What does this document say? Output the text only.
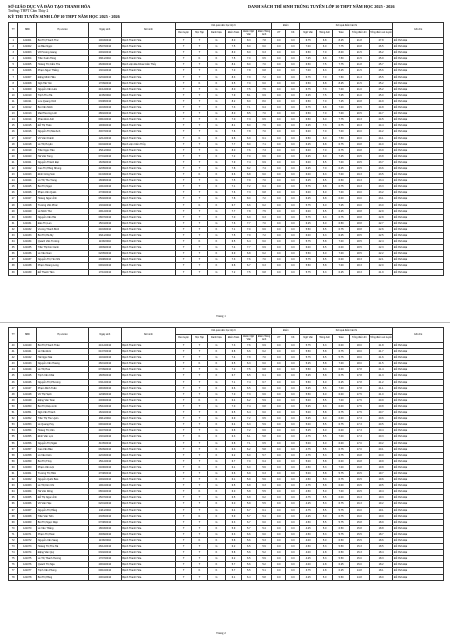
SỞ GIÁO DỤC VÀ ĐÀO TẠO THANH HÓA
Trường: THPT Cẩm Thủy 2
KỲ THI TUYỂN SINH LỚP 10 THPT NĂM HỌC 2025 - 2026
DANH SÁCH THÍ SINH TRÚNG TUYỂN LỚP 10 THPT NĂM HỌC 2025 - 2026
TT	SBD	Họ và tên	Ngày sinh	Nơi sinh	Kết quả năm học lớp 9						Điểm		Kết quả điểm bài thi					Ghi chú
					Rèn luyện	Học Tập	Danh hiệu	Điểm Toán	Điểm Ngữ Văn	Điểm Tiếng Anh	ƯT	KK	Ngữ Văn	Tiếng Anh	Toán	Tổng điểm thi	Tổng điểm xét tuyển	
1	121001	Bùi Thị Thanh Thư	10/03/2010	Bệnh Thanh Hóa	T	T	G	8.0	8.3	7.8	0.0	0.0	6.75	6.8	8.25	21.8	27.8	Đỗ NV1-Đại
2	121002	Lê Bảo Ngọc	05/07/2010	Bệnh Thanh Hóa	T	T	G	7.5	8.0	6.0	0.0	0.0	7.00	6.0	7.75	20.8	26.5	Đỗ NV1-Đại
3	121003	Võ Hương Giang	20/02/2010	Bệnh Thanh Hóa	T	T	G	8.0	8.0	6.3	0.0	0.0	6.50	7.0	8.00	21.5	26.2	Đỗ NV1-Đại
4	121004	Trần Xuân Hùng	08/11/2010	Bệnh Thanh Hóa	T	K	K	7.5	7.0	6.5	0.0	0.0	7.25	6.8	7.50	21.5	25.9	Đỗ NV1-Đại
5	121005	Hoàng Thị Cẩm Thu	26/06/2010	Bệnh viện Đa Khoa Cẩm Thủy	T	T	G	8.4	8.0	7.0	0.0	0.0	6.50	7.5	7.75	21.8	25.7	Đỗ NV1-Đại
6	121006	Phạm Ngọc Thắng	13/01/2010	Bệnh Thanh Hóa	T	T	K	7.0	7.8	6.8	0.0	0.0	7.00	6.3	8.25	21.5	25.6	Đỗ NV1-Đại
7	121007	Đặng Minh Hiếu	02/04/2010	Bệnh Thanh Hóa	T	T	G	8.3	7.9	7.2	0.0	0.0	6.75	7.0	7.50	21.3	25.5	Đỗ NV1-Đại
8	121008	Ngô Hải Yến	17/09/2010	Bệnh Thanh Hóa	T	K	K	6.5	7.0	6.0	0.0	0.0	6.50	6.8	8.25	21.5	25.2	Đỗ NV1-Đại
9	121009	Nguyễn Văn Lâm	21/12/2010	Bệnh Thanh Hóa	T	T	G	8.0	7.5	7.5	0.0	0.0	6.75	7.3	7.00	21.0	25.2	Đỗ NV1-Đại
10	121010	Trịnh Thu Hà	11/05/2010	Bệnh Thanh Hóa	T	T	G	7.9	8.1	6.9	0.0	0.0	6.25	7.5	7.25	21.0	25.0	Đỗ NV1-Đại
11	121011	Lưu Quang Vinh	03/08/2010	Bệnh Thanh Hóa	T	T	G	8.2	8.0	8.0	0.0	0.0	6.50	7.0	7.25	20.8	24.9	Đỗ NV1-Đại
12	121012	Bùi Văn Minh	14/03/2010	Bệnh Thanh Hóa	T	T	K	7.3	7.1	6.4	0.0	0.0	6.75	6.8	7.00	20.5	24.8	Đỗ NV1-Đại
13	121013	Mai Phương Linh	28/02/2010	Bệnh Thanh Hóa	T	T	G	8.0	8.5	7.0	0.0	0.0	6.50	7.0	7.00	20.5	24.7	Đỗ NV1-Đại
14	121014	Phan Đức Anh	09/10/2010	Bệnh Thanh Hóa	T	T	K	7.0	7.3	6.5	0.0	0.0	6.50	6.0	7.75	20.3	24.5	Đỗ NV1-Đại
15	121015	Đỗ Thị Thảo	19/06/2010	Bệnh Thanh Hóa	T	T	G	8.1	8.0	7.6	0.0	0.0	6.25	7.3	6.75	20.3	24.4	Đỗ NV1-Đại
16	121016	Nguyễn Thị Mai Anh	30/07/2010	Bệnh Thanh Hóa	T	T	G	7.6	7.8	7.0	0.0	0.0	6.00	7.0	7.00	20.0	24.2	Đỗ NV1-Đại
17	121017	Vũ Văn Khánh	12/12/2010	Bệnh Thanh Hóa	T	K	K	6.8	6.9	6.1	0.0	0.0	6.50	6.0	7.50	20.0	24.1	Đỗ NV1-Đại
18	121018	Lê Thị Huyền	04/04/2010	Bệnh viện Cẩm Thủy	T	T	G	7.7	8.0	7.1	0.0	0.0	6.25	6.8	6.75	19.8	24.0	Đỗ NV1-Đại
19	121019	Trần Ngọc Hân	25/11/2010	Bệnh Thanh Hóa	T	T	G	8.0	7.6	7.3	0.0	0.0	6.00	7.0	6.75	19.8	23.9	Đỗ NV1-Đại
20	121020	Hà Văn Tùng	07/01/2010	Bệnh Thanh Hóa	T	T	K	7.2	7.0	6.6	0.0	0.0	6.25	6.0	7.25	19.5	23.8	Đỗ NV1-Đại
21	121021	Nguyễn Thành Đạt	16/09/2010	Bệnh Thanh Hóa	T	T	G	7.9	7.4	6.9	0.0	0.0	6.00	6.5	7.00	19.5	23.7	Đỗ NV1-Đại
22	121022	Cao Thị Hồng Nhung	22/05/2010	Bệnh Thanh Hóa	T	T	G	7.8	8.2	7.4	0.0	0.0	6.25	7.0	6.25	19.5	23.6	Đỗ NV1-Đại
23	121023	Đinh Công Sơn	01/03/2010	Bệnh Thanh Hóa	T	K	K	6.6	6.8	6.0	0.0	0.0	6.00	6.3	7.00	19.3	23.5	Đỗ NV1-Đại
24	121024	Lò Thị Thu Trang	18/08/2010	Bệnh Thanh Hóa	T	T	G	7.5	7.9	7.0	0.0	0.0	6.25	6.5	6.50	19.3	23.4	Đỗ NV1-Đại
25	121025	Bùi Thị Ngọc	10/10/2010	Bệnh Thanh Hóa	T	T	K	7.1	7.2	6.4	0.0	0.0	5.75	6.8	6.75	19.3	23.3	Đỗ NV1-Đại
26	121026	Phạm Văn Quân	27/06/2010	Bệnh Thanh Hóa	T	T	G	7.6	7.3	6.8	0.0	0.0	6.00	6.0	7.00	19.0	23.2	Đỗ NV1-Đại
27	121027	Hoàng Ngọc Ánh	05/02/2010	Bệnh Thanh Hóa	T	T	G	7.8	8.0	7.2	0.0	0.0	6.25	6.8	6.00	19.0	23.1	Đỗ NV1-Đại
28	121028	Trương Văn Phúc	13/04/2010	Bệnh Thanh Hóa	T	K	K	6.7	6.6	6.2	0.0	0.0	5.75	6.0	7.25	19.0	23.0	Đỗ NV1-Đại
29	121029	Lê Minh Thư	29/12/2010	Bệnh Thanh Hóa	T	T	G	7.7	7.8	7.5	0.0	0.0	6.00	6.5	6.25	18.8	22.9	Đỗ NV1-Đại
30	121030	Nguyễn Văn Hải	08/07/2010	Bệnh Thanh Hóa	T	T	K	7.0	6.9	6.3	0.0	0.0	5.75	6.3	6.75	18.8	22.8	Đỗ NV1-Đại
31	121031	Đào Thị Lan	15/01/2010	Bệnh Thanh Hóa	T	T	G	7.6	7.7	7.0	0.0	0.0	6.25	6.0	6.50	18.8	22.7	Đỗ NV1-Đại
32	121032	Vương Thanh Bình	24/03/2010	Bệnh Thanh Hóa	T	T	K	7.1	7.0	6.6	0.0	0.0	5.50	6.5	6.75	18.8	22.6	Đỗ NV1-Đại
33	121033	Bùi Thị Hà My	06/11/2010	Bệnh Thanh Hóa	T	T	G	7.5	7.9	7.2	0.0	0.0	6.00	6.3	6.25	18.5	22.5	Đỗ NV1-Đại
34	121034	Quách Văn Trường	11/06/2010	Bệnh Thanh Hóa	T	K	K	6.5	6.4	6.0	0.0	0.0	5.75	5.8	7.00	18.5	22.4	Đỗ NV1-Đại
35	121035	Trần Thị Kim Oanh	19/09/2010	Bệnh Thanh Hóa	T	T	G	7.4	7.7	6.9	0.0	0.0	6.00	6.5	6.00	18.5	22.3	Đỗ NV1-Đại
36	121036	Lê Văn Nam	02/05/2010	Bệnh Thanh Hóa	T	T	K	6.9	6.8	6.2	0.0	0.0	5.50	6.0	7.00	18.5	22.2	Đỗ NV1-Đại
37	121037	Nguyễn Thị Yến Nhi	23/08/2010	Bệnh Thanh Hóa	T	T	G	7.3	7.6	7.0	0.0	0.0	5.75	6.5	6.00	18.3	22.1	Đỗ NV1-Đại
38	121038	Phạm Hoàng Long	09/02/2010	Bệnh Thanh Hóa	T	T	K	6.8	6.7	6.3	0.0	0.0	5.50	5.8	7.00	18.3	22.0	Đỗ NV1-Đại
39	121039	Đỗ Thanh Tâm	17/10/2010	Bệnh Thanh Hóa	T	T	G	7.2	7.5	6.8	0.0	0.0	5.75	6.3	6.25	18.3	21.9	Đỗ NV1-Đại
Trang 1
TT	SBD	Họ và tên	Ngày sinh	Nơi sinh	Kết quả năm học lớp 9						Điểm		Kết quả điểm bài thi					Ghi chú
					Rèn luyện	Học Tập	Danh hiệu	Điểm Toán	Điểm Ngữ Văn	Điểm Tiếng Anh	ƯT	KK	Ngữ Văn	Tiếng Anh	Toán	Tổng điểm thi	Tổng điểm xét tuyển	
40	121040	Bùi Thị Thanh Thảo	21/12/2010	Bệnh Thanh Hóa	T	T	G	7.3	7.6	6.9	0.0	0.0	5.75	6.3	6.00	18.0	21.8	Đỗ NV1-Đại
41	121041	Lê Văn Đức	01/07/2010	Bệnh Thanh Hóa	T	T	K	6.8	6.6	6.2	0.0	0.0	5.50	5.8	6.75	18.0	21.7	Đỗ NV1-Đại
42	121042	Hà Ngọc Mai	14/04/2010	Bệnh Thanh Hóa	T	T	G	7.4	7.8	7.0	0.0	0.0	5.75	6.5	5.75	18.0	21.6	Đỗ NV1-Đại
43	121043	Nguyễn Văn Hoàng	26/01/2010	Bệnh Thanh Hóa	T	K	K	6.5	6.3	6.0	0.0	0.0	5.25	5.8	7.00	18.0	21.5	Đỗ NV1-Đại
44	121044	Lê Thị Hoa	07/09/2010	Bệnh Thanh Hóa	T	T	G	7.2	7.5	6.8	0.0	0.0	5.50	6.3	6.00	17.8	21.4	Đỗ NV1-Đại
45	121045	Trịnh Văn Khải	18/05/2010	Bệnh Thanh Hóa	T	T	K	6.7	6.5	6.1	0.0	0.0	5.25	5.8	6.75	17.8	21.3	Đỗ NV1-Đại
46	121046	Nguyễn Thị Phương	03/12/2010	Bệnh Thanh Hóa	T	T	G	7.1	7.4	6.7	0.0	0.0	5.50	6.0	6.25	17.8	21.2	Đỗ NV1-Đại
47	121047	Phạm Minh Tuấn	29/03/2010	Bệnh Thanh Hóa	T	T	K	6.6	6.5	6.0	0.0	0.0	5.25	5.5	7.00	17.8	21.1	Đỗ NV1-Đại
48	121048	Vũ Thị Hạnh	12/08/2010	Bệnh Thanh Hóa	T	T	G	7.0	7.3	6.6	0.0	0.0	5.50	6.0	6.00	17.5	21.0	Đỗ NV1-Đại
49	121049	Đặng Văn Toàn	20/06/2010	Bệnh Thanh Hóa	T	K	K	6.4	6.2	5.9	0.0	0.0	5.00	5.5	7.00	17.5	20.9	Đỗ NV1-Đại
50	121050	Bùi Thị Diệu Linh	05/10/2010	Bệnh Thanh Hóa	T	T	G	7.0	7.4	6.8	0.0	0.0	5.25	6.3	6.00	17.5	20.8	Đỗ NV1-Đại
51	121051	Ngô Văn Thành	16/02/2010	Bệnh Thanh Hóa	T	T	K	6.5	6.4	6.0	0.0	0.0	5.00	5.8	6.75	17.5	20.7	Đỗ NV1-Đại
52	121052	Trần Thị Thu Uyên	28/11/2010	Bệnh Thanh Hóa	T	T	G	6.9	7.2	6.5	0.0	0.0	5.25	6.0	6.00	17.3	20.6	Đỗ NV1-Đại
53	121053	Lê Quang Huy	09/04/2010	Bệnh Thanh Hóa	T	T	K	6.4	6.3	5.9	0.0	0.0	5.00	5.5	6.75	17.3	20.5	Đỗ NV1-Đại
54	121054	Hoàng Thị Vân	24/07/2010	Bệnh Thanh Hóa	T	T	G	6.8	7.2	6.6	0.0	0.0	5.25	6.0	6.00	17.3	20.4	Đỗ NV1-Đại
55	121055	Đinh Văn Lực	13/01/2010	Bệnh Thanh Hóa	T	K	K	6.3	6.1	5.8	0.0	0.0	4.75	5.5	7.00	17.3	20.3	Đỗ NV1-Đại
56	121056	Nguyễn Thị Ngân	31/05/2010	Bệnh Thanh Hóa	T	T	G	6.8	7.1	6.5	0.0	0.0	5.00	6.0	6.00	17.0	20.2	Đỗ NV1-Đại
57	121057	Cao Văn Bảo	06/09/2010	Bệnh Thanh Hóa	T	T	K	6.3	6.2	5.8	0.0	0.0	4.75	5.5	6.75	17.0	20.1	Đỗ NV1-Đại
58	121058	Lò Văn Kiên	22/03/2010	Bệnh Thanh Hóa	T	T	K	6.2	6.0	5.7	0.0	0.0	4.75	5.3	6.75	16.8	20.0	Đỗ NV1-Đại
59	121059	Bùi Thị Thúy	15/12/2010	Bệnh Thanh Hóa	T	T	G	6.7	7.0	6.4	0.0	0.0	5.00	5.8	6.00	16.8	19.9	Đỗ NV1-Đại
60	121060	Phạm Văn Lộc	04/06/2010	Bệnh Thanh Hóa	T	K	K	6.1	6.0	5.6	0.0	0.0	4.50	5.3	7.00	16.8	19.8	Đỗ NV1-Đại
61	121061	Trương Thị Hiền	27/08/2010	Bệnh Thanh Hóa	T	T	G	6.6	6.9	6.3	0.0	0.0	5.00	5.8	5.75	16.5	19.7	Đỗ NV1-Đại
62	121062	Nguyễn Quốc Bảo	10/02/2010	Bệnh Thanh Hóa	T	T	K	6.1	5.9	5.6	0.0	0.0	4.50	5.3	6.75	16.5	19.6	Đỗ NV1-Đại
63	121063	Lê Thị Kim Chi	19/10/2010	Bệnh Thanh Hóa	T	T	G	6.5	6.8	6.3	0.0	0.0	4.75	5.8	6.00	16.5	19.5	Đỗ NV1-Đại
64	121064	Hà Văn Dũng	08/04/2010	Bệnh Thanh Hóa	T	K	K	6.0	5.8	5.5	0.0	0.0	4.50	5.0	7.00	16.5	19.4	Đỗ NV1-Đại
65	121065	Đỗ Thị Ngọc Ánh	25/07/2010	Bệnh Thanh Hóa	T	T	G	6.5	6.8	6.2	0.0	0.0	4.75	5.5	6.00	16.3	19.3	Đỗ NV1-Đại
66	121066	Vũ Văn Hậu	02/01/2010	Bệnh Thanh Hóa	T	T	K	6.0	5.9	5.5	0.0	0.0	4.25	5.3	6.75	16.3	19.2	Đỗ NV1-Đại
67	121067	Nguyễn Thị Hằng	14/11/2010	Bệnh Thanh Hóa	T	T	G	6.4	6.7	6.1	0.0	0.0	4.75	5.5	5.75	16.0	19.1	Đỗ NV1-Đại
68	121068	Trần Văn Tiến	23/05/2010	Bệnh Thanh Hóa	T	K	K	5.9	5.7	5.4	0.0	0.0	4.25	5.0	6.75	16.0	19.0	Đỗ NV1-Đại
69	121069	Bùi Thị Ngọc Diệp	07/08/2010	Bệnh Thanh Hóa	T	T	G	6.3	6.7	6.0	0.0	0.0	4.50	5.5	5.75	15.8	18.9	Đỗ NV1-Đại
70	121070	Lê Văn Thắng	18/03/2010	Bệnh Thanh Hóa	T	T	K	5.9	5.7	5.4	0.0	0.0	4.25	5.0	6.50	15.8	18.8	Đỗ NV1-Đại
71	121071	Phạm Thị Hoài	30/09/2010	Bệnh Thanh Hóa	T	T	G	6.3	6.6	6.0	0.0	0.0	4.50	5.3	5.75	15.5	18.7	Đỗ NV1-Đại
72	121072	Nguyễn Văn Sang	11/06/2010	Bệnh Thanh Hóa	T	K	K	5.8	5.6	5.3	0.0	0.0	4.00	5.0	6.50	15.5	18.6	Đỗ NV1-Đại
73	121073	Hoàng Thị Thu Hà	26/12/2010	Bệnh Thanh Hóa	T	T	G	6.2	6.5	5.9	0.0	0.0	4.50	5.3	5.50	15.3	18.5	Đỗ NV1-Đại
74	121074	Đặng Văn Quý	03/02/2010	Bệnh Thanh Hóa	T	T	K	5.8	5.6	5.2	0.0	0.0	4.00	4.8	6.50	15.3	18.4	Đỗ NV1-Đại
75	121075	Lê Thị Thanh Hương	17/07/2010	Bệnh Thanh Hóa	T	T	G	6.2	6.5	5.9	0.0	0.0	4.25	5.3	5.50	15.0	18.3	Đỗ NV1-Đại
76	121076	Quách Thị Nga	29/04/2010	Bệnh Thanh Hóa	T	T	K	5.7	5.6	5.2	0.0	0.0	4.00	4.8	6.25	15.0	18.2	Đỗ NV1-Đại
77	121077	Trịnh Văn Phong	09/10/2010	Bệnh Thanh Hóa	T	K	K	5.7	5.5	5.1	0.0	0.0	3.75	4.8	6.25	14.8	18.1	Đỗ NV1-Đại
78	121078	Bùi Thị Hồng	20/01/2010	Bệnh Thanh Hóa	T	T	G	6.1	6.4	5.8	0.0	0.0	4.25	5.0	5.50	14.8	18.0	Đỗ NV1-Đại
Trang 2
